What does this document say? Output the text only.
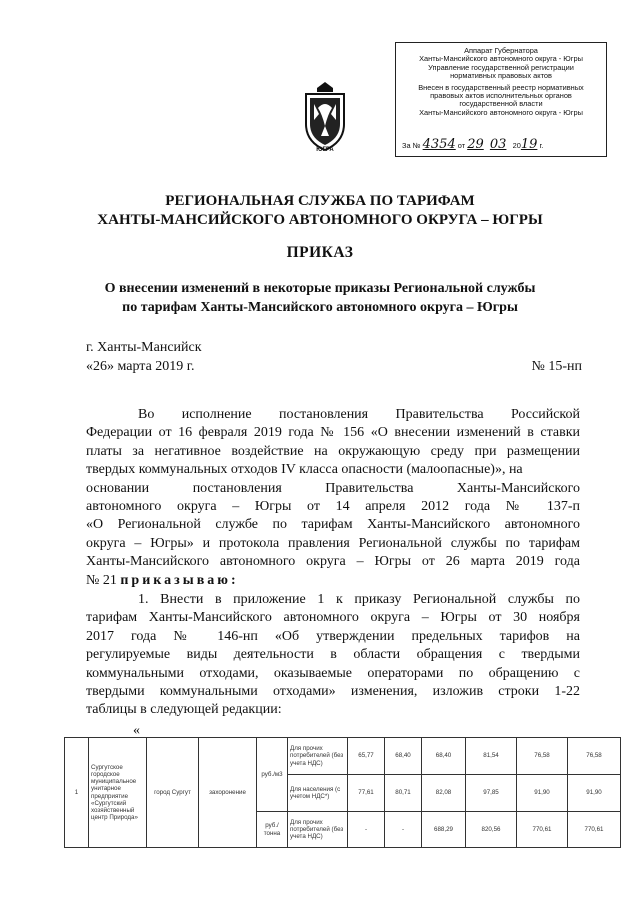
ЮГРА
Аппарат Губернатора
Ханты-Мансийского автономного округа - Югры
Управление государственной регистрации
нормативных правовых актов
Внесен в государственный реестр нормативных
правовых актов исполнительных органов
государственной власти
Ханты-Мансийского автономного округа - Югры
За № 4354 от 29 03 2019 г.
РЕГИОНАЛЬНАЯ СЛУЖБА ПО ТАРИФАМ
ХАНТЫ-МАНСИЙСКОГО АВТОНОМНОГО ОКРУГА – ЮГРЫ
ПРИКАЗ
О внесении изменений в некоторые приказы Региональной службы
по тарифам Ханты-Мансийского автономного округа – Югры
г. Ханты-Мансийск
«26» марта 2019 г.	№ 15-нп
Во исполнение постановления Правительства Российской
Федерации от 16 февраля 2019 года № 156 «О внесении изменений в ставки
платы за негативное воздействие на окружающую среду при размещении
твердых коммунальных отходов IV класса опасности (малоопасные)», на
основании постановления Правительства Ханты-Мансийского
автономного округа – Югры от 14 апреля 2012 года № 137-п
«О Региональной службе по тарифам Ханты-Мансийского автономного
округа – Югры» и протокола правления Региональной службы по тарифам
Ханты-Мансийского автономного округа – Югры от 26 марта 2019 года
№ 21 приказываю:
1. Внести в приложение 1 к приказу Региональной службы по
тарифам Ханты-Мансийского автономного округа – Югры от 30 ноября
2017 года № 146-нп «Об утверждении предельных тарифов на
регулируемые виды деятельности в области обращения с твердыми
коммунальными отходами, оказываемые операторами по обращению с
твердыми коммунальными отходами» изменения, изложив строки 1-22
таблицы в следующей редакции:
«
1	Сургутское городское муниципальное унитарное предприятие «Сургутский хозяйственный центр Природа»	город Сургут	захоронение	руб./м3	Для прочих потребителей (без учета НДС)	65,77	68,40	68,40	81,54	76,58	76,58
					Для населения (с учетом НДС*)	77,61	80,71	82,08	97,85	91,90	91,90
				руб./тонна	Для прочих потребителей (без учета НДС)	-	-	688,29	820,56	770,61	770,61
